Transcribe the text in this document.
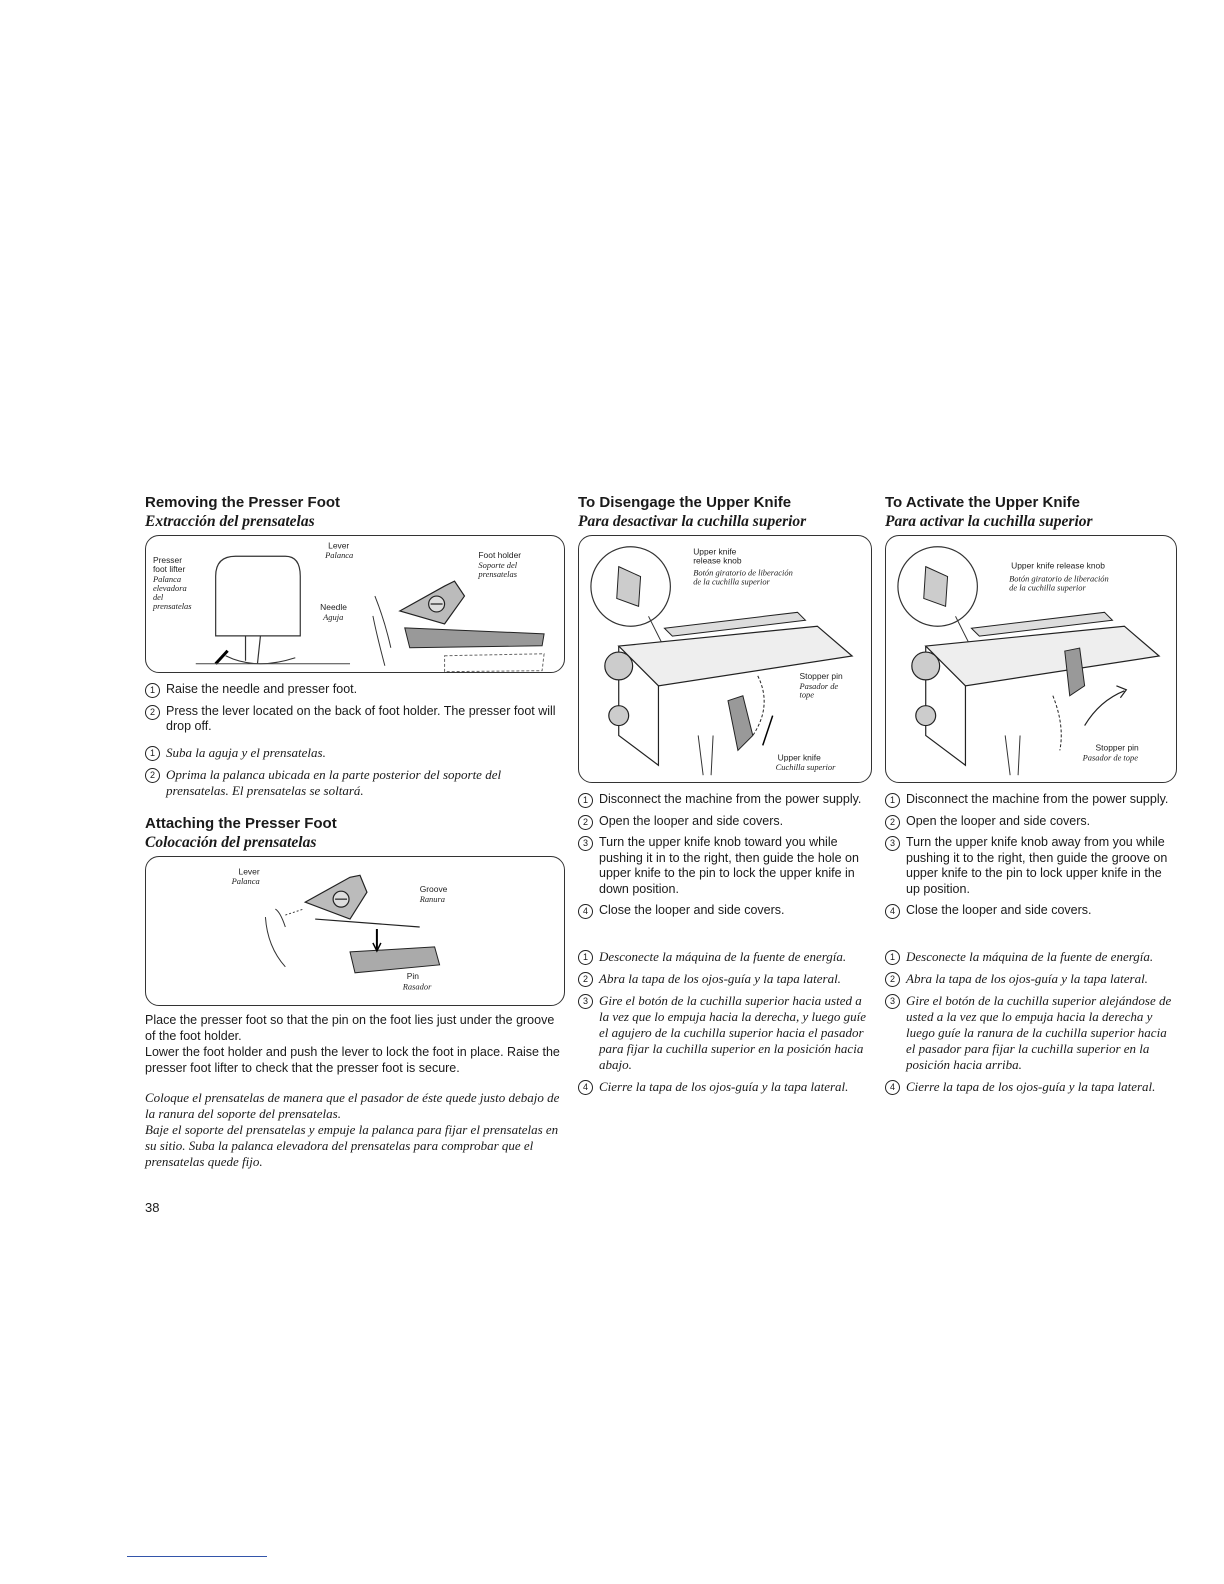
Removing the Presser Foot
Extracción del prensatelas
Presser foot lifter
Palanca elevadora del prensatelas
Lever
Palanca	Foot holder
Soporte del prensatelas
Needle
Aguja
1 Raise the needle and presser foot.
2 Press the lever located on the back of foot holder. The presser foot will drop off.
1 Suba la aguja y el prensatelas.
2 Oprima la palanca ubicada en la parte posterior del soporte del prensatelas. El prensatelas se soltará.
Attaching the Presser Foot
Colocación del prensatelas
Lever
Palanca
Groove
Ranura
Pin
Rasador

Place the presser foot so that the pin on the foot lies just under the groove of the foot holder.

Lower the foot holder and push the lever to lock the foot in place. Raise the presser foot lifter to check that the presser foot is secure.

Coloque el prensatelas de manera que el pasador de éste quede justo debajo de la ranura del soporte del prensatelas.

Baje el soporte del prensatelas y empuje la palanca para fijar el prensatelas en su sitio. Suba la palanca elevadora del prensatelas para comprobar que el prensatelas quede fijo.

38
To Disengage the Upper Knife
Para desactivar la cuchilla superior
Upper knife release knob
Botón giratorio de liberación de la cuchilla superior
Stopper pin
Pasador de tope
Upper knife
Cuchilla superior
1 Disconnect the machine from the power supply.
2 Open the looper and side covers.
3 Turn the upper knife knob toward you while pushing it in to the right, then guide the hole on upper knife to the pin to lock the upper knife in down position.
4 Close the looper and side covers.
1 Desconecte la máquina de la fuente de energía.
2 Abra la tapa de los ojos-guía y la tapa lateral.
3 Gire el botón de la cuchilla superior hacia usted a la vez que lo empuja hacia la derecha, y luego guíe el agujero de la cuchilla superior hacia el pasador para fijar la cuchilla superior en la posición hacia abajo.
4 Cierre la tapa de los ojos-guía y la tapa lateral.
To Activate the Upper Knife
Para activar la cuchilla superior
Upper knife release knob
Botón giratorio de liberación de la cuchilla superior
Stopper pin
Pasador de tope
1 Disconnect the machine from the power supply.
2 Open the looper and side covers.
3 Turn the upper knife knob away from you while pushing it to the right, then guide the groove on upper knife to the pin to lock upper knife in the up position.
4 Close the looper and side covers.
1 Desconecte la máquina de la fuente de energía.
2 Abra la tapa de los ojos-guía y la tapa lateral.
3 Gire el botón de la cuchilla superior alejándose de usted a la vez que lo empuja hacia la derecha y luego guíe la ranura de la cuchilla superior hacia el pasador para fijar la cuchilla superior en la posición hacia arriba.
4 Cierre la tapa de los ojos-guía y la tapa lateral.
